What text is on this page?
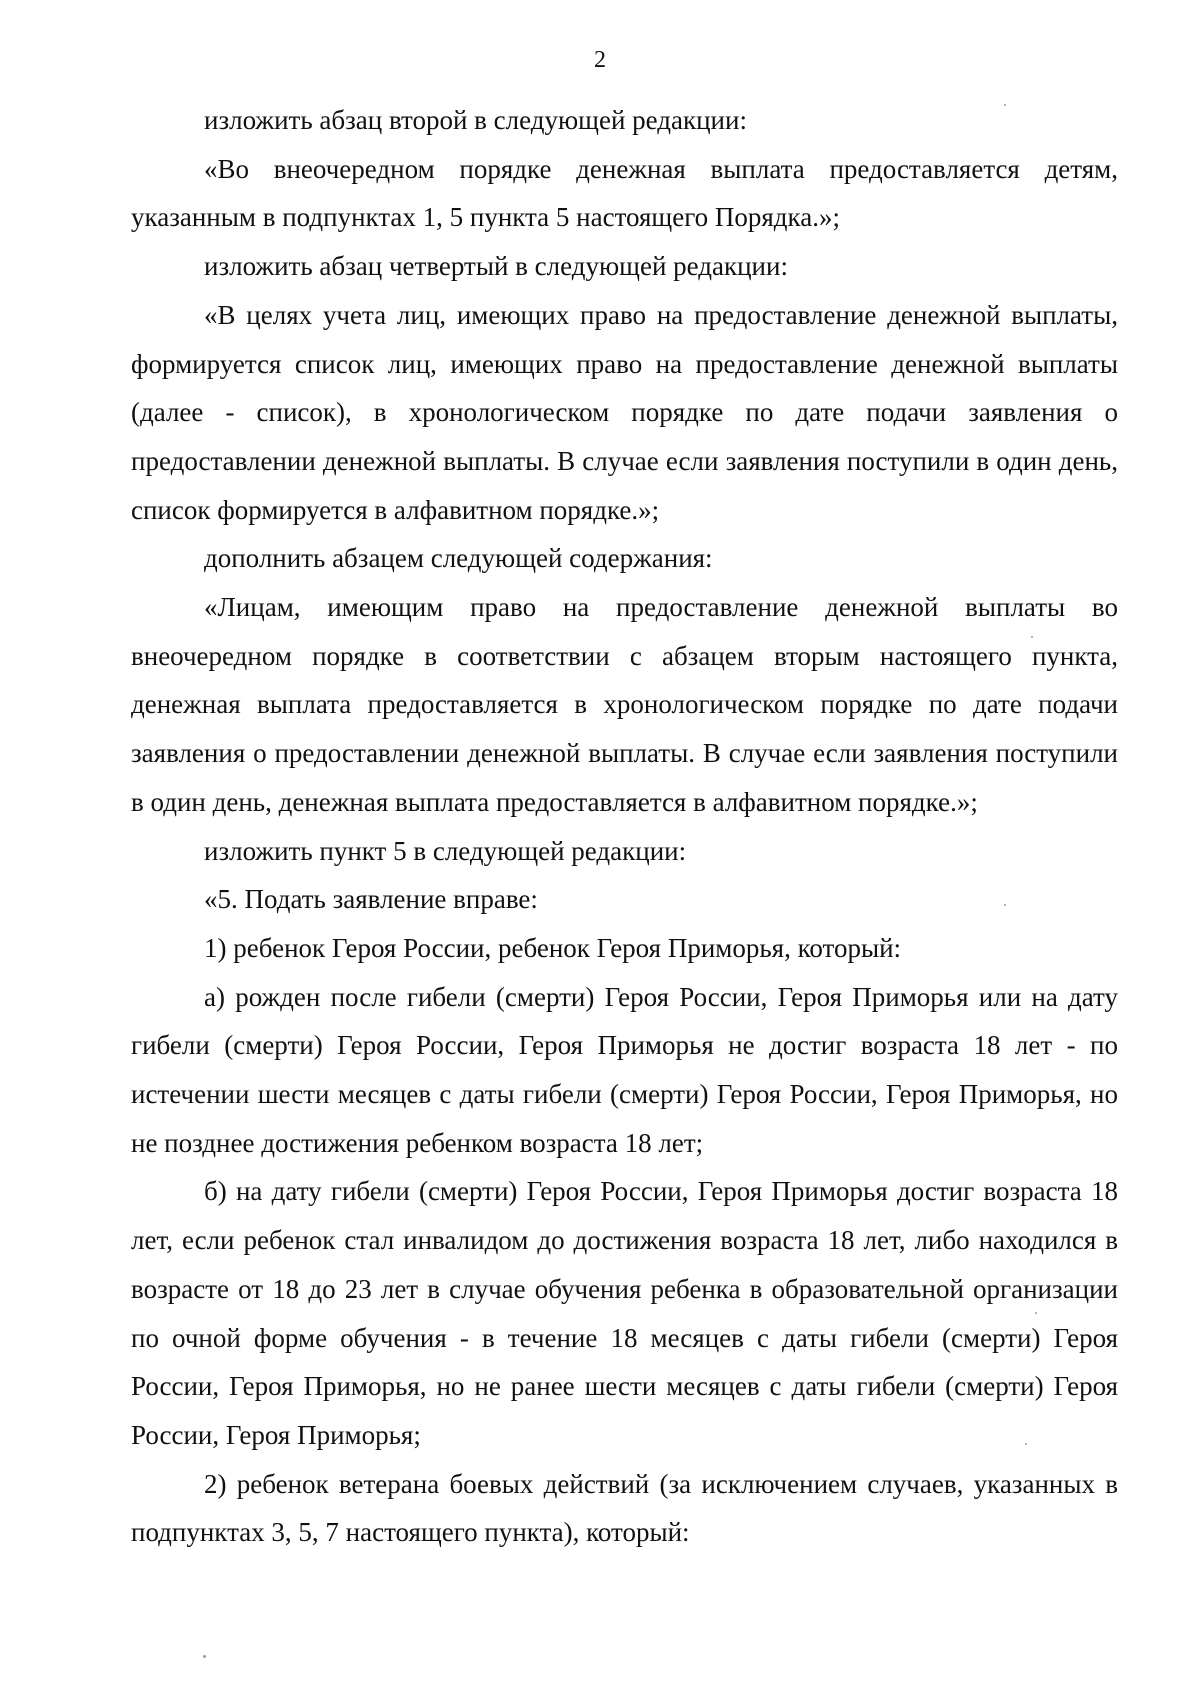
2

изложить абзац второй в следующей редакции:

«Во внеочередном порядке денежная выплата предоставляется детям, указанным в подпунктах 1, 5 пункта 5 настоящего Порядка.»;

изложить абзац четвертый в следующей редакции:

«В целях учета лиц, имеющих право на предоставление денежной выплаты, формируется список лиц, имеющих право на предоставление денежной выплаты (далее - список), в хронологическом порядке по дате подачи заявления о предоставлении денежной выплаты. В случае если заявления поступили в один день, список формируется в алфавитном порядке.»;

дополнить абзацем следующей содержания:

«Лицам, имеющим право на предоставление денежной выплаты во внеочередном порядке в соответствии с абзацем вторым настоящего пункта, денежная выплата предоставляется в хронологическом порядке по дате подачи заявления о предоставлении денежной выплаты. В случае если заявления поступили в один день, денежная выплата предоставляется в алфавитном порядке.»;

изложить пункт 5 в следующей редакции:

«5. Подать заявление вправе:

1) ребенок Героя России, ребенок Героя Приморья, который:

а) рожден после гибели (смерти) Героя России, Героя Приморья или на дату гибели (смерти) Героя России, Героя Приморья не достиг возраста 18 лет - по истечении шести месяцев с даты гибели (смерти) Героя России, Героя Приморья, но не позднее достижения ребенком возраста 18 лет;

б) на дату гибели (смерти) Героя России, Героя Приморья достиг возраста 18 лет, если ребенок стал инвалидом до достижения возраста 18 лет, либо находился в возрасте от 18 до 23 лет в случае обучения ребенка в образовательной организации по очной форме обучения - в течение 18 месяцев с даты гибели (смерти) Героя России, Героя Приморья, но не ранее шести месяцев с даты гибели (смерти) Героя России, Героя Приморья;

2) ребенок ветерана боевых действий (за исключением случаев, указанных в подпунктах 3, 5, 7 настоящего пункта), который:
